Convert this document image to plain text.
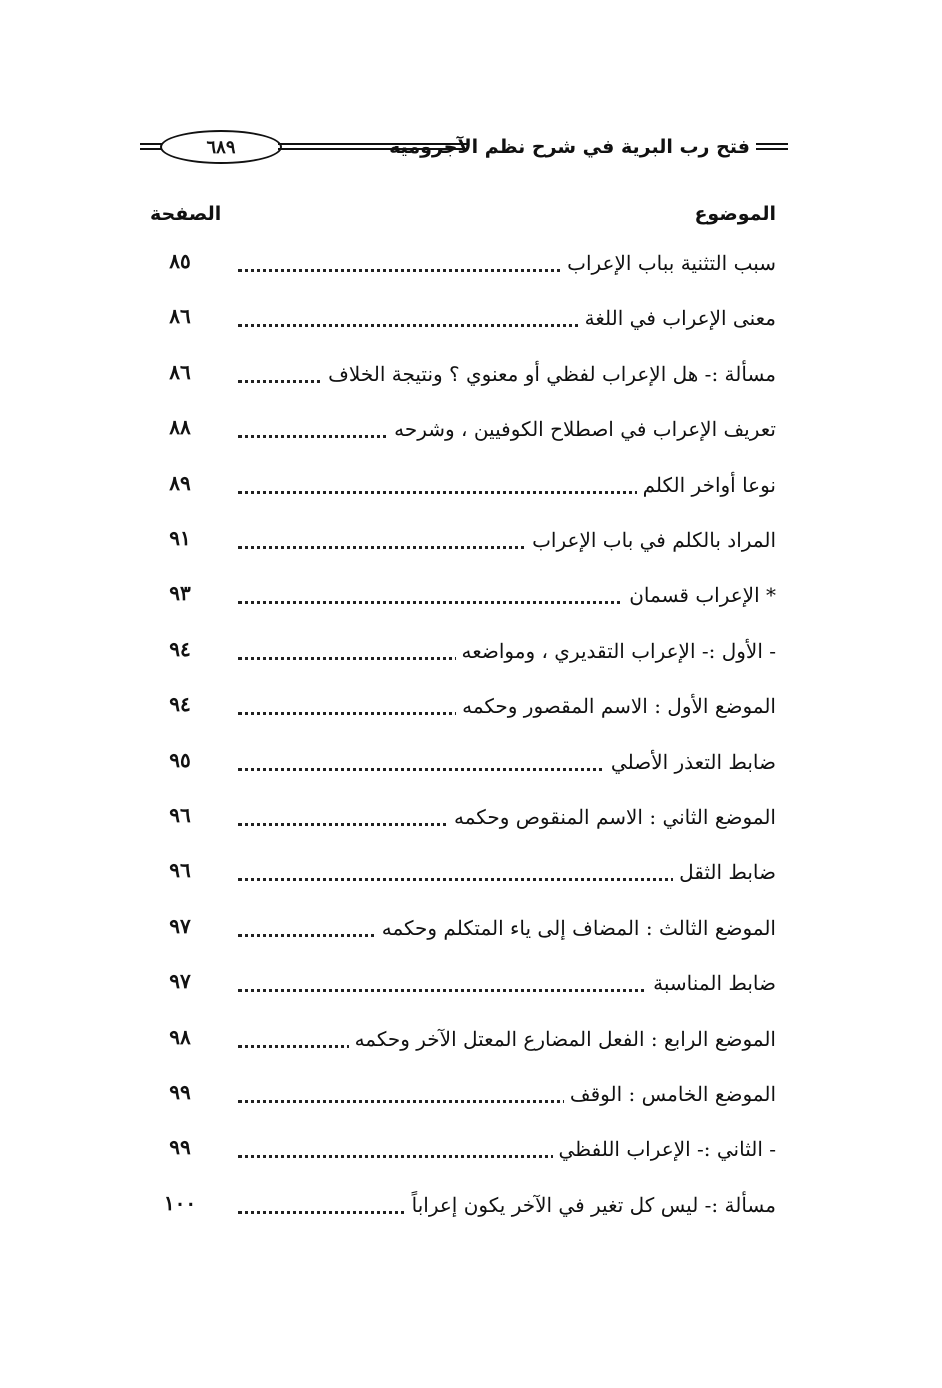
فتح رب البرية في شرح نظم الآجرومية
٦٨٩
الموضوع
الصفحة
سبب التثنية بباب الإعراب
٨٥
معنى الإعراب في اللغة
٨٦
مسألة :- هل الإعراب لفظي أو معنوي ؟ ونتيجة الخلاف
٨٦
تعريف الإعراب في اصطلاح الكوفيين ، وشرحه
٨٨
نوعا أواخر الكلم
٨٩
المراد بالكلم في باب الإعراب
٩١
* الإعراب قسمان
٩٣
- الأول :- الإعراب التقديري ، ومواضعه
٩٤
الموضع الأول : الاسم المقصور وحكمه
٩٤
ضابط التعذر الأصلي
٩٥
الموضع الثاني : الاسم المنقوص وحكمه
٩٦
ضابط الثقل
٩٦
الموضع الثالث : المضاف إلى ياء المتكلم وحكمه
٩٧
ضابط المناسبة
٩٧
الموضع الرابع : الفعل المضارع المعتل الآخر وحكمه
٩٨
الموضع الخامس : الوقف
٩٩
- الثاني :- الإعراب اللفظي
٩٩
مسألة :- ليس كل تغير في الآخر يكون إعراباً
١٠٠
